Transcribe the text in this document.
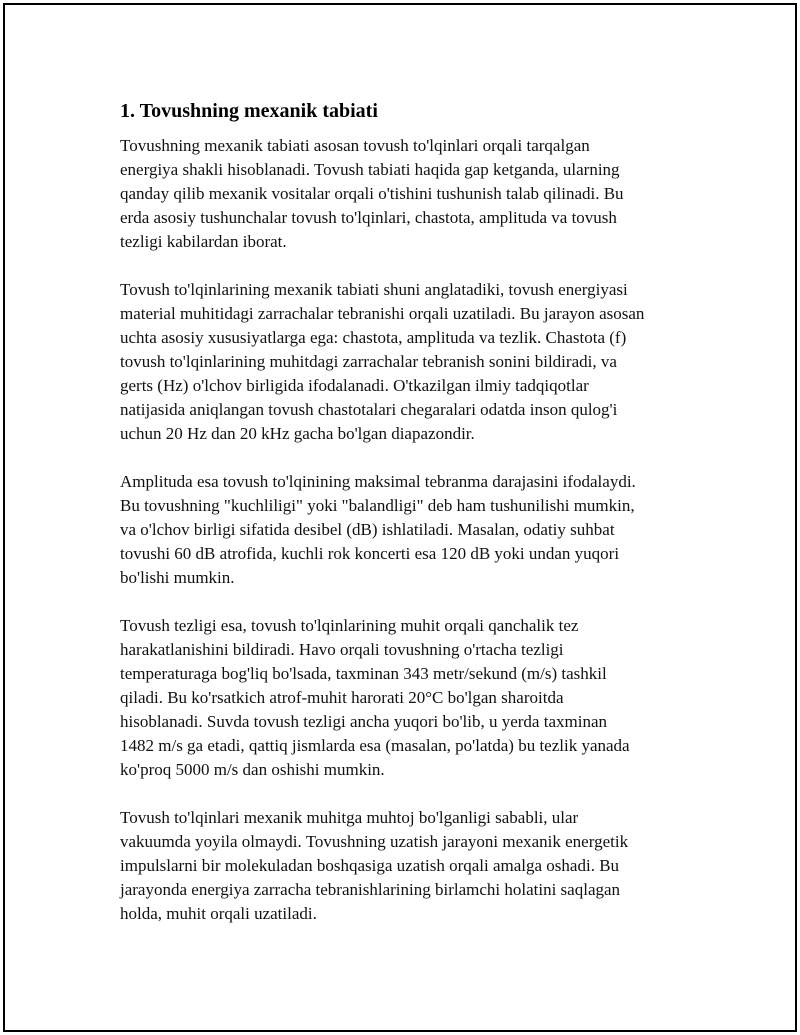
1. Tovushning mexanik tabiati

Tovushning mexanik tabiati asosan tovush to'lqinlari orqali tarqalgan
energiya shakli hisoblanadi. Tovush tabiati haqida gap ketganda, ularning
qanday qilib mexanik vositalar orqali o'tishini tushunish talab qilinadi. Bu
erda asosiy tushunchalar tovush to'lqinlari, chastota, amplituda va tovush
tezligi kabilardan iborat.

Tovush to'lqinlarining mexanik tabiati shuni anglatadiki, tovush energiyasi
material muhitidagi zarrachalar tebranishi orqali uzatiladi. Bu jarayon asosan
uchta asosiy xususiyatlarga ega: chastota, amplituda va tezlik. Chastota (f)
tovush to'lqinlarining muhitdagi zarrachalar tebranish sonini bildiradi, va
gerts (Hz) o'lchov birligida ifodalanadi. O'tkazilgan ilmiy tadqiqotlar
natijasida aniqlangan tovush chastotalari chegaralari odatda inson qulog'i
uchun 20 Hz dan 20 kHz gacha bo'lgan diapazondir.

Amplituda esa tovush to'lqinining maksimal tebranma darajasini ifodalaydi.
Bu tovushning "kuchliligi" yoki "balandligi" deb ham tushunilishi mumkin,
va o'lchov birligi sifatida desibel (dB) ishlatiladi. Masalan, odatiy suhbat
tovushi 60 dB atrofida, kuchli rok koncerti esa 120 dB yoki undan yuqori
bo'lishi mumkin.

Tovush tezligi esa, tovush to'lqinlarining muhit orqali qanchalik tez
harakatlanishini bildiradi. Havo orqali tovushning o'rtacha tezligi
temperaturaga bog'liq bo'lsada, taxminan 343 metr/sekund (m/s) tashkil
qiladi. Bu ko'rsatkich atrof-muhit harorati 20°C bo'lgan sharoitda
hisoblanadi. Suvda tovush tezligi ancha yuqori bo'lib, u yerda taxminan
1482 m/s ga etadi, qattiq jismlarda esa (masalan, po'latda) bu tezlik yanada
ko'proq 5000 m/s dan oshishi mumkin.

Tovush to'lqinlari mexanik muhitga muhtoj bo'lganligi sababli, ular
vakuumda yoyila olmaydi. Tovushning uzatish jarayoni mexanik energetik
impulslarni bir molekuladan boshqasiga uzatish orqali amalga oshadi. Bu
jarayonda energiya zarracha tebranishlarining birlamchi holatini saqlagan
holda, muhit orqali uzatiladi.
